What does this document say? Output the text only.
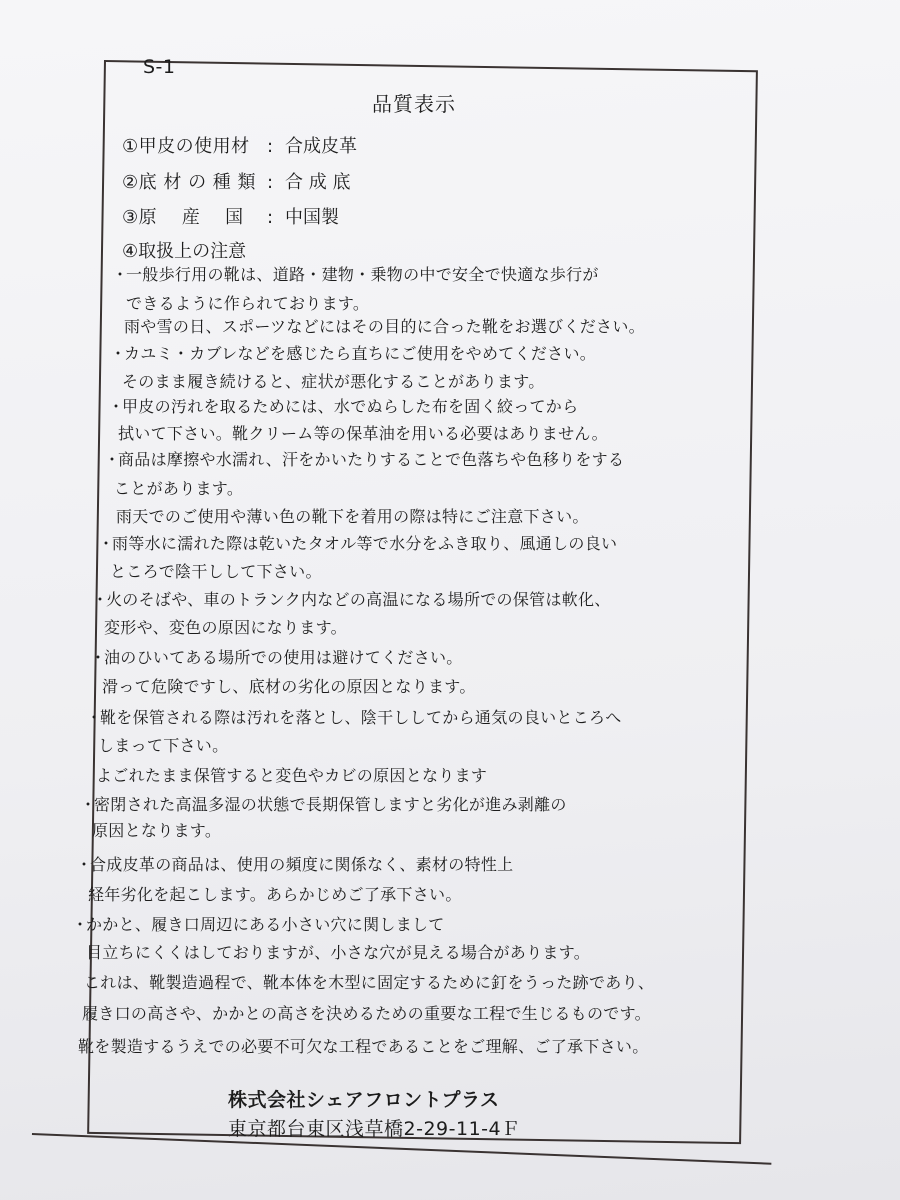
S-1
品質表示
①甲皮の使用材 : 合成皮革
②底 材 の 種 類 : 合 成 底
③原　 産　 国 : 中国製
④取扱上の注意
・一般歩行用の靴は、道路・建物・乗物の中で安全で快適な歩行が
できるように作られております。
雨や雪の日、スポーツなどにはその目的に合った靴をお選びください。
・カユミ・カブレなどを感じたら直ちにご使用をやめてください。
そのまま履き続けると、症状が悪化することがあります。
・甲皮の汚れを取るためには、水でぬらした布を固く絞ってから
拭いて下さい。靴クリーム等の保革油を用いる必要はありません。
・商品は摩擦や水濡れ、汗をかいたりすることで色落ちや色移りをする
ことがあります。
雨天でのご使用や薄い色の靴下を着用の際は特にご注意下さい。
・雨等水に濡れた際は乾いたタオル等で水分をふき取り、風通しの良い
ところで陰干しして下さい。
・火のそばや、車のトランク内などの高温になる場所での保管は軟化、
変形や、変色の原因になります。
・油のひいてある場所での使用は避けてください。
滑って危険ですし、底材の劣化の原因となります。
・靴を保管される際は汚れを落とし、陰干ししてから通気の良いところへ
しまって下さい。
よごれたまま保管すると変色やカビの原因となります
・密閉された高温多湿の状態で長期保管しますと劣化が進み剥離の
原因となります。
・合成皮革の商品は、使用の頻度に関係なく、素材の特性上
経年劣化を起こします。あらかじめご了承下さい。
・かかと、履き口周辺にある小さい穴に関しまして
目立ちにくくはしておりますが、小さな穴が見える場合があります。
これは、靴製造過程で、靴本体を木型に固定するために釘をうった跡であり、
履き口の高さや、かかとの高さを決めるための重要な工程で生じるものです。
靴を製造するうえでの必要不可欠な工程であることをご理解、ご了承下さい。
株式会社シェアフロントプラス
東京都台東区浅草橋2-29-11-4Ｆ
